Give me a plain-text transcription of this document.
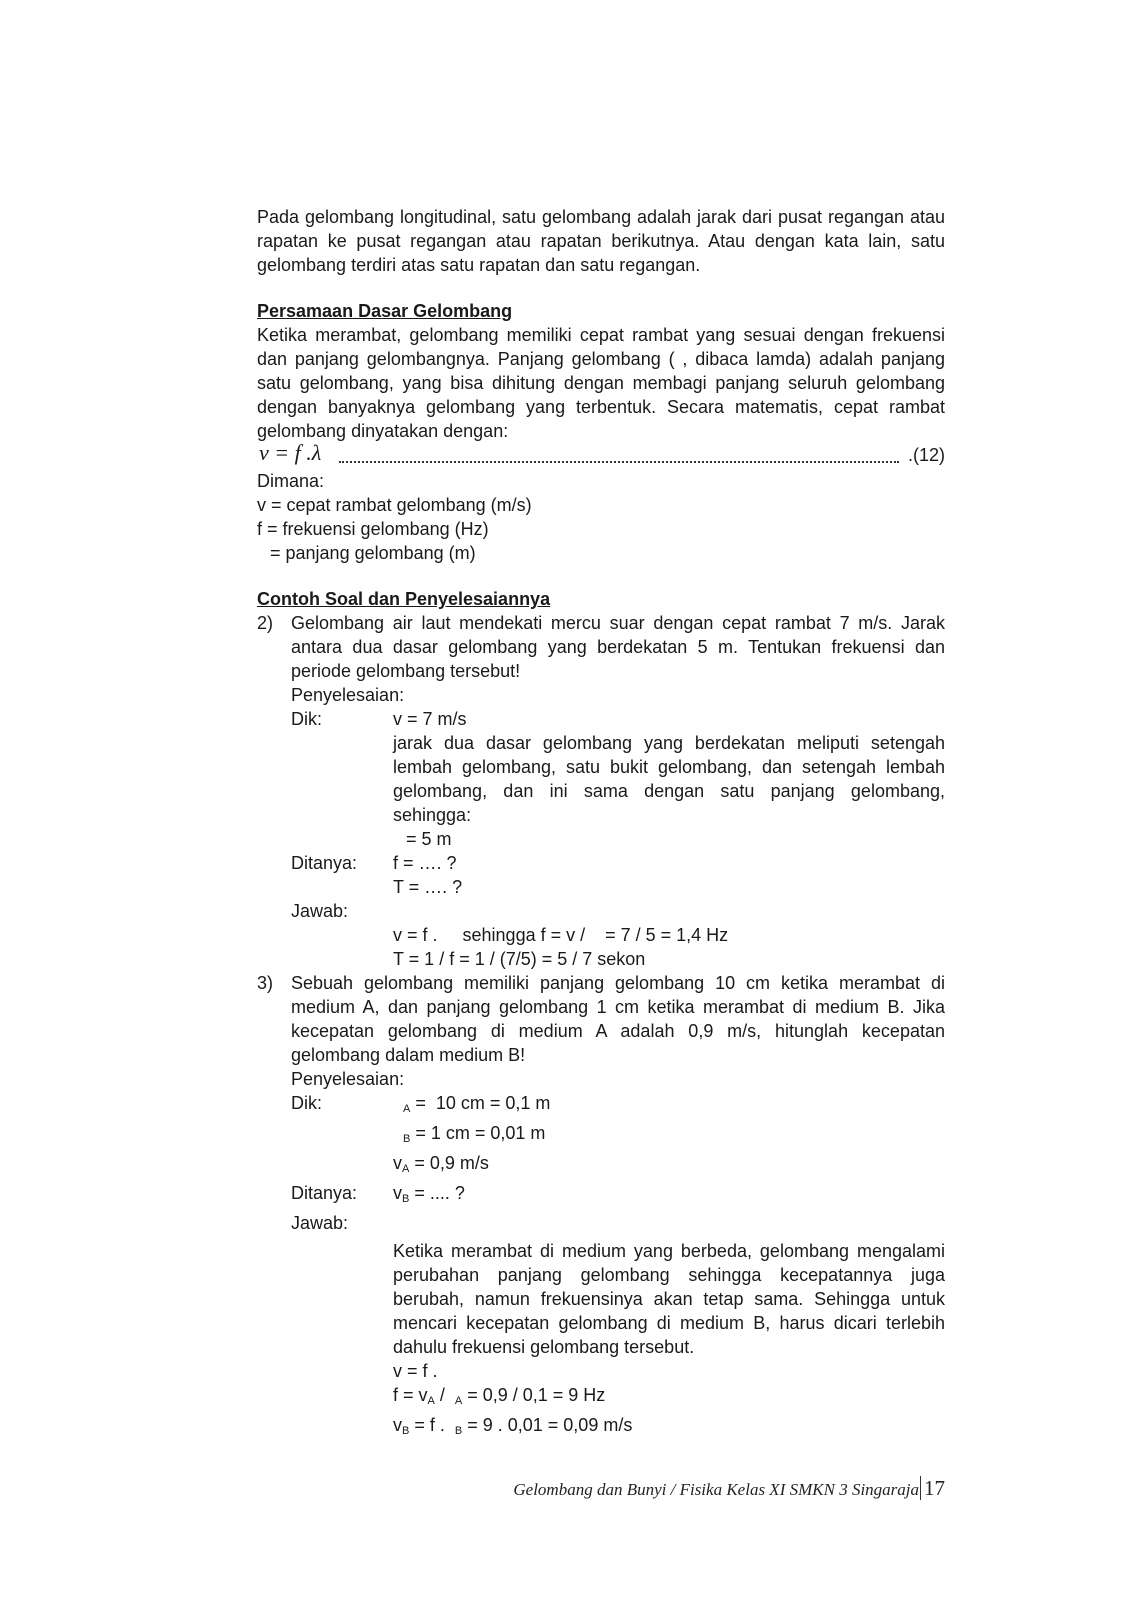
Pada gelombang longitudinal, satu gelombang adalah jarak dari pusat regangan atau rapatan ke pusat regangan atau rapatan berikutnya. Atau dengan kata lain, satu gelombang terdiri atas satu rapatan dan satu regangan.

Persamaan Dasar Gelombang

Ketika merambat, gelombang memiliki cepat rambat yang sesuai dengan frekuensi dan panjang gelombangnya. Panjang gelombang ( , dibaca lamda) adalah panjang satu gelombang, yang bisa dihitung dengan membagi panjang seluruh gelombang dengan banyaknya gelombang yang terbentuk. Secara matematis, cepat rambat gelombang dinyatakan dengan:

v = f .λ	.(12)

Dimana:

v = cepat rambat gelombang (m/s)

f = frekuensi gelombang (Hz)

= panjang gelombang (m)

Contoh Soal dan Penyelesaiannya

2) Gelombang air laut mendekati mercu suar dengan cepat rambat 7 m/s. Jarak antara dua dasar gelombang yang berdekatan 5 m. Tentukan frekuensi dan periode gelombang tersebut!

Penyelesaian:

Dik:	v = 7 m/s

jarak dua dasar gelombang yang berdekatan meliputi setengah lembah gelombang, satu bukit gelombang, dan setengah lembah gelombang, dan ini sama dengan satu panjang gelombang, sehingga:

= 5 m

Ditanya:	f = …. ?

T = …. ?

Jawab:

v = f .     sehingga f = v /    = 7 / 5 = 1,4 Hz

T = 1 / f = 1 / (7/5) = 5 / 7 sekon

3) Sebuah gelombang memiliki panjang gelombang 10 cm ketika merambat di medium A, dan panjang gelombang 1 cm ketika merambat di medium B. Jika kecepatan gelombang di medium A adalah 0,9 m/s, hitunglah kecepatan gelombang dalam medium B!

Penyelesaian:

Dik:	$_A$ =  10 cm = 0,1 m

$_B$ = 1 cm = 0,01 m

$v_A = 0,9$ m/s

Ditanya:	$v_B$ = .... ?

Jawab:

Ketika merambat di medium yang berbeda, gelombang mengalami perubahan panjang gelombang sehingga kecepatannya juga berubah, namun frekuensinya akan tetap sama. Sehingga untuk mencari kecepatan gelombang di medium B, harus dicari terlebih dahulu frekuensi gelombang tersebut.

v = f .

$f = v_A / _A = 0,9 / 0,1 = 9$ Hz

$v_B = f$ .  $_B$ = 9 . 0,01 = 0,09 m/s

Gelombang dan Bunyi / Fisika Kelas XI SMKN 3 Singaraja 17
